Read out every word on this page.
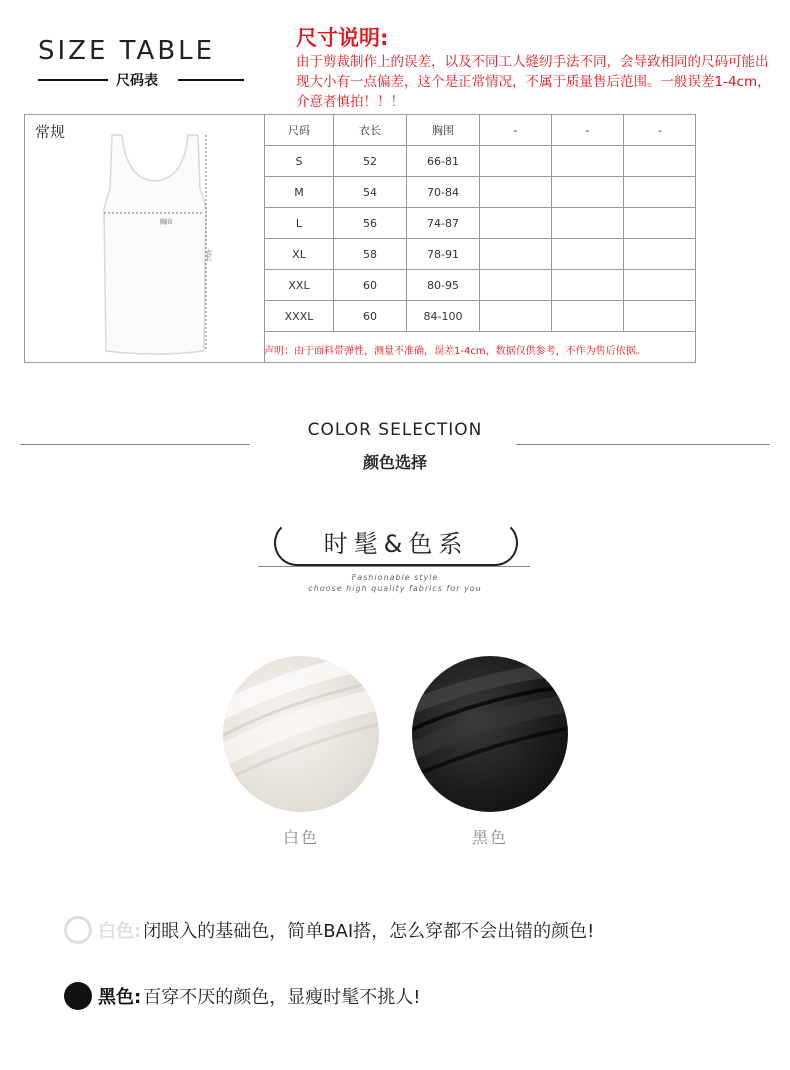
SIZE TABLE
尺码表
尺寸说明:
由于剪裁制作上的误差，以及不同工人缝纫手法不同，会导致相同的尺码可能出现大小有一点偏差，这个是正常情况，不属于质量售后范围。一般误差1-4cm，介意者慎拍！！！
常规
胸围
衣长
尺码	衣长	胸围	-	-	-
S	52	66-81
M	54	70-84
L	56	74-87
XL	58	78-91
XXL	60	80-95
XXXL	60	84-100
声明：由于面料带弹性，测量不准确，误差1-4cm，数据仅供参考，不作为售后依据。
COLOR SELECTION
颜色选择
时髦&色系
Fashionable style
choose high quality fabrics for you
白色	黑色
白色: 闭眼入的基础色，简单BAI搭，怎么穿都不会出错的颜色!
黑色: 百穿不厌的颜色，显瘦时髦不挑人!
